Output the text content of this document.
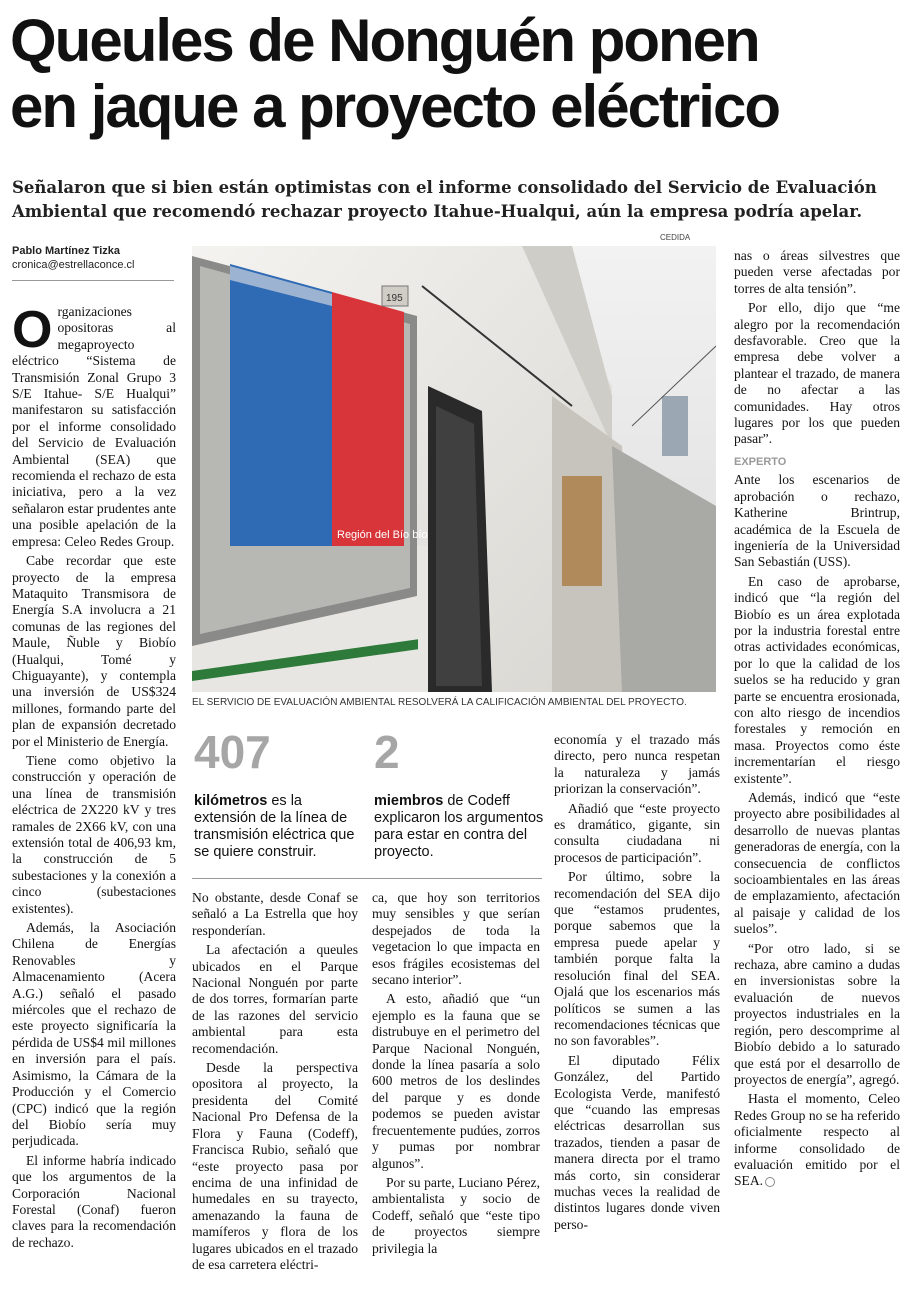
Queules de Nonguén ponen
en jaque a proyecto eléctrico

Señalaron que si bien están optimistas con el informe consolidado del Servicio de Evaluación Ambiental que recomendó rechazar proyecto Itahue-Hualqui, aún la empresa podría apelar.

Pablo Martínez Tizka
cronica@estrellaconce.cl
CEDIDA
Región del Bío bío
195
EL SERVICIO DE EVALUACIÓN AMBIENTAL RESOLVERÁ LA CALIFICACIÓN AMBIENTAL DEL PROYECTO.

Organizaciones opositoras al megaproyecto eléctrico “Sistema de Transmisión Zonal Grupo 3 S/E Itahue- S/E Hualqui” manifestaron su satisfacción por el informe consolidado del Servicio de Evaluación Ambiental (SEA) que recomienda el rechazo de esta iniciativa, pero a la vez señalaron estar prudentes ante una posible apelación de la empresa: Celeo Redes Group.

Cabe recordar que este proyecto de la empresa Mataquito Transmisora de Energía S.A involucra a 21 comunas de las regiones del Maule, Ñuble y Biobío (Hualqui, Tomé y Chiguayante), y contempla una inversión de US$324 millones, formando parte del plan de expansión decretado por el Ministerio de Energía.

Tiene como objetivo la construcción y operación de una línea de transmisión eléctrica de 2X220 kV y tres ramales de 2X66 kV, con una extensión total de 406,93 km, la construcción de 5 subestaciones y la conexión a cinco (subestaciones existentes).

Además, la Asociación Chilena de Energías Renovables y Almacenamiento (Acera A.G.) señaló el pasado miércoles que el rechazo de este proyecto significaría la pérdida de US$4 mil millones en inversión para el país. Asimismo, la Cámara de la Producción y el Comercio (CPC) indicó que la región del Biobío sería muy perjudicada.

El informe habría indicado que los argumentos de la Corporación Nacional Forestal (Conaf) fueron claves para la recomendación de rechazo.

407
kilómetros es la extensión de la línea de transmisión eléctrica que se quiere construir.
2
miembros de Codeff explicaron los argumentos para estar en contra del proyecto.

No obstante, desde Conaf se señaló a La Estrella que hoy responderían.

La afectación a queules ubicados en el Parque Nacional Nonguén por parte de dos torres, formarían parte de las razones del servicio ambiental para esta recomendación.

Desde la perspectiva opositora al proyecto, la presidenta del Comité Nacional Pro Defensa de la Flora y Fauna (Codeff), Francisca Rubio, señaló que “este proyecto pasa por encima de una infinidad de humedales en su trayecto, amenazando la fauna de mamíferos y flora de los lugares ubicados en el trazado de esa carretera eléctri-

ca, que hoy son territorios muy sensibles y que serían despejados de toda la vegetacion lo que impacta en esos frágiles ecosistemas del secano interior”.

A esto, añadió que “un ejemplo es la fauna que se distrubuye en el perimetro del Parque Nacional Nonguén, donde la línea pasaría a solo 600 metros de los deslindes del parque y es donde podemos se pueden avistar frecuentemente pudúes, zorros y pumas por nombrar algunos”.

Por su parte, Luciano Pérez, ambientalista y socio de Codeff, señaló que “este tipo de proyectos siempre privilegia la

economía y el trazado más directo, pero nunca respetan la naturaleza y jamás priorizan la conservación”.

Añadió que “este proyecto es dramático, gigante, sin consulta ciudadana ni procesos de participación”.

Por último, sobre la recomendación del SEA dijo que “estamos prudentes, porque sabemos que la empresa puede apelar y también porque falta la resolución final del SEA. Ojalá que los escenarios más políticos se sumen a las recomendaciones técnicas que no son favorables”.

El diputado Félix González, del Partido Ecologista Verde, manifestó que “cuando las empresas eléctricas desarrollan sus trazados, tienden a pasar de manera directa por el tramo más corto, sin considerar muchas veces la realidad de distintos lugares donde viven perso-

nas o áreas silvestres que pueden verse afectadas por torres de alta tensión”.

Por ello, dijo que “me alegro por la recomendación desfavorable. Creo que la empresa debe volver a plantear el trazado, de manera de no afectar a las comunidades. Hay otros lugares por los que pueden pasar”.

EXPERTO

Ante los escenarios de aprobación o rechazo, Katherine Brintrup, académica de la Escuela de ingeniería de la Universidad San Sebastián (USS).

En caso de aprobarse, indicó que “la región del Biobío es un área explotada por la industria forestal entre otras actividades económicas, por lo que la calidad de los suelos se ha reducido y gran parte se encuentra erosionada, con alto riesgo de incendios forestales y remoción en masa. Proyectos como éste incrementarían el riesgo existente”.

Además, indicó que “este proyecto abre posibilidades al desarrollo de nuevas plantas generadoras de energía, con la consecuencia de conflictos socioambientales en las áreas de emplazamiento, afectación al paisaje y calidad de los suelos”.

“Por otro lado, si se rechaza, abre camino a dudas en inversionistas sobre la evaluación de nuevos proyectos industriales en la región, pero descomprime al Biobío debido a lo saturado que está por el desarrollo de proyectos de energía”, agregó.

Hasta el momento, Celeo Redes Group no se ha referido oficialmente respecto al informe consolidado de evaluación emitido por el SEA.
